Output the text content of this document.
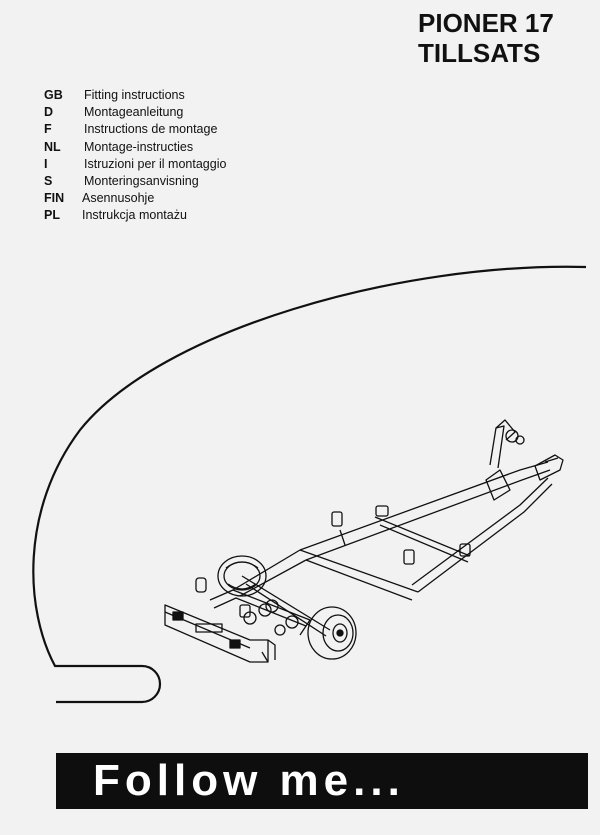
PIONER 17
TILLSATS
GB Fitting instructions
D Montageanleitung
F	Instructions de montage
NL Montage-instructies
I	Istruzioni per il montaggio
S	Monteringsanvisning
FIN Asennusohje
PL Instrukcja montażu
Follow me...
